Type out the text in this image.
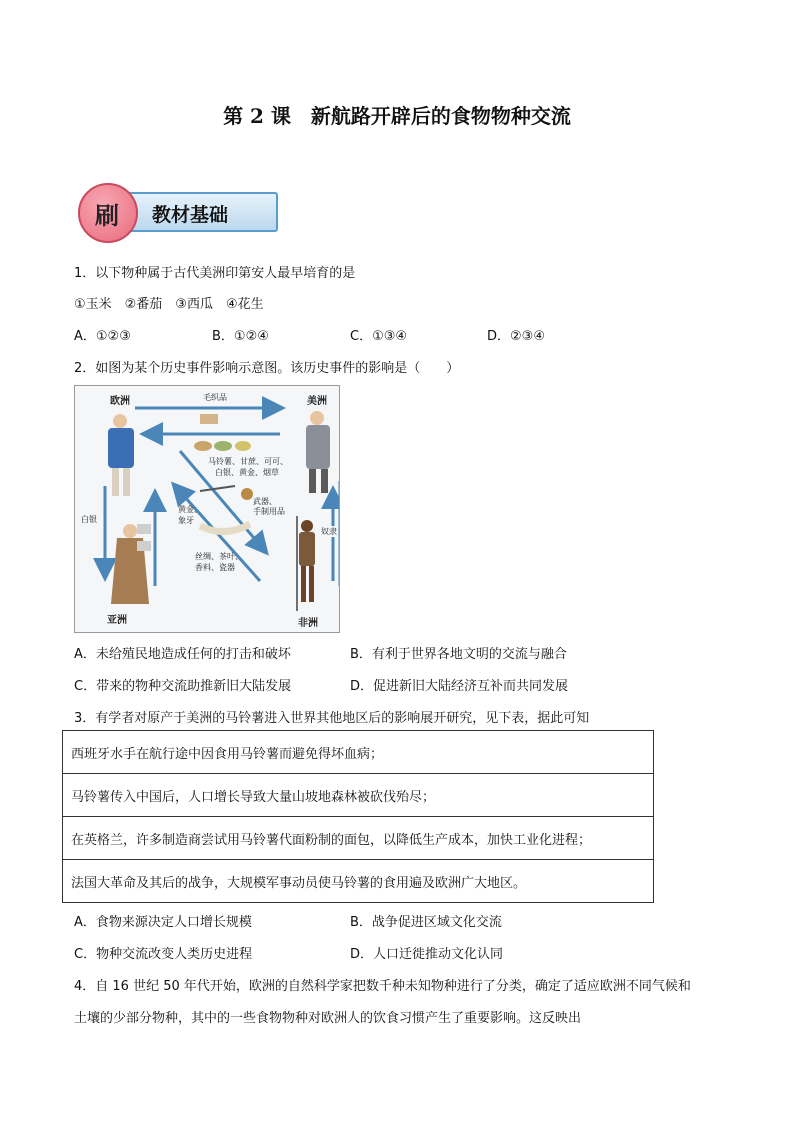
第 2 课　新航路开辟后的食物物种交流
教材基础
刷
1．以下物种属于古代美洲印第安人最早培育的是
①玉米　②番茄　③西瓜　④花生
A．①②③	B．①②④	C．①③④	D．②③④
2．如图为某个历史事件影响示意图。该历史事件的影响是（　　）
欧洲	美洲
亚洲	非洲
毛织品
马铃薯、甘蔗、可可、
白银、黄金、烟草
武器、
手制用品
黄金、
象牙
丝绸、茶叶、
香料、瓷器
白银
奴隶
A．未给殖民地造成任何的打击和破坏	B．有利于世界各地文明的交流与融合
C．带来的物种交流助推新旧大陆发展	D．促进新旧大陆经济互补而共同发展
3．有学者对原产于美洲的马铃薯进入世界其他地区后的影响展开研究，见下表，据此可知
西班牙水手在航行途中因食用马铃薯而避免得坏血病；
马铃薯传入中国后，人口增长导致大量山坡地森林被砍伐殆尽；
在英格兰，许多制造商尝试用马铃薯代面粉制的面包，以降低生产成本，加快工业化进程；
法国大革命及其后的战争，大规模军事动员使马铃薯的食用遍及欧洲广大地区。
A．食物来源决定人口增长规模	B．战争促进区域文化交流
C．物种交流改变人类历史进程	D．人口迁徙推动文化认同
4．自 16 世纪 50 年代开始，欧洲的自然科学家把数千种未知物种进行了分类，确定了适应欧洲不同气候和
土壤的少部分物种，其中的一些食物物种对欧洲人的饮食习惯产生了重要影响。这反映出
